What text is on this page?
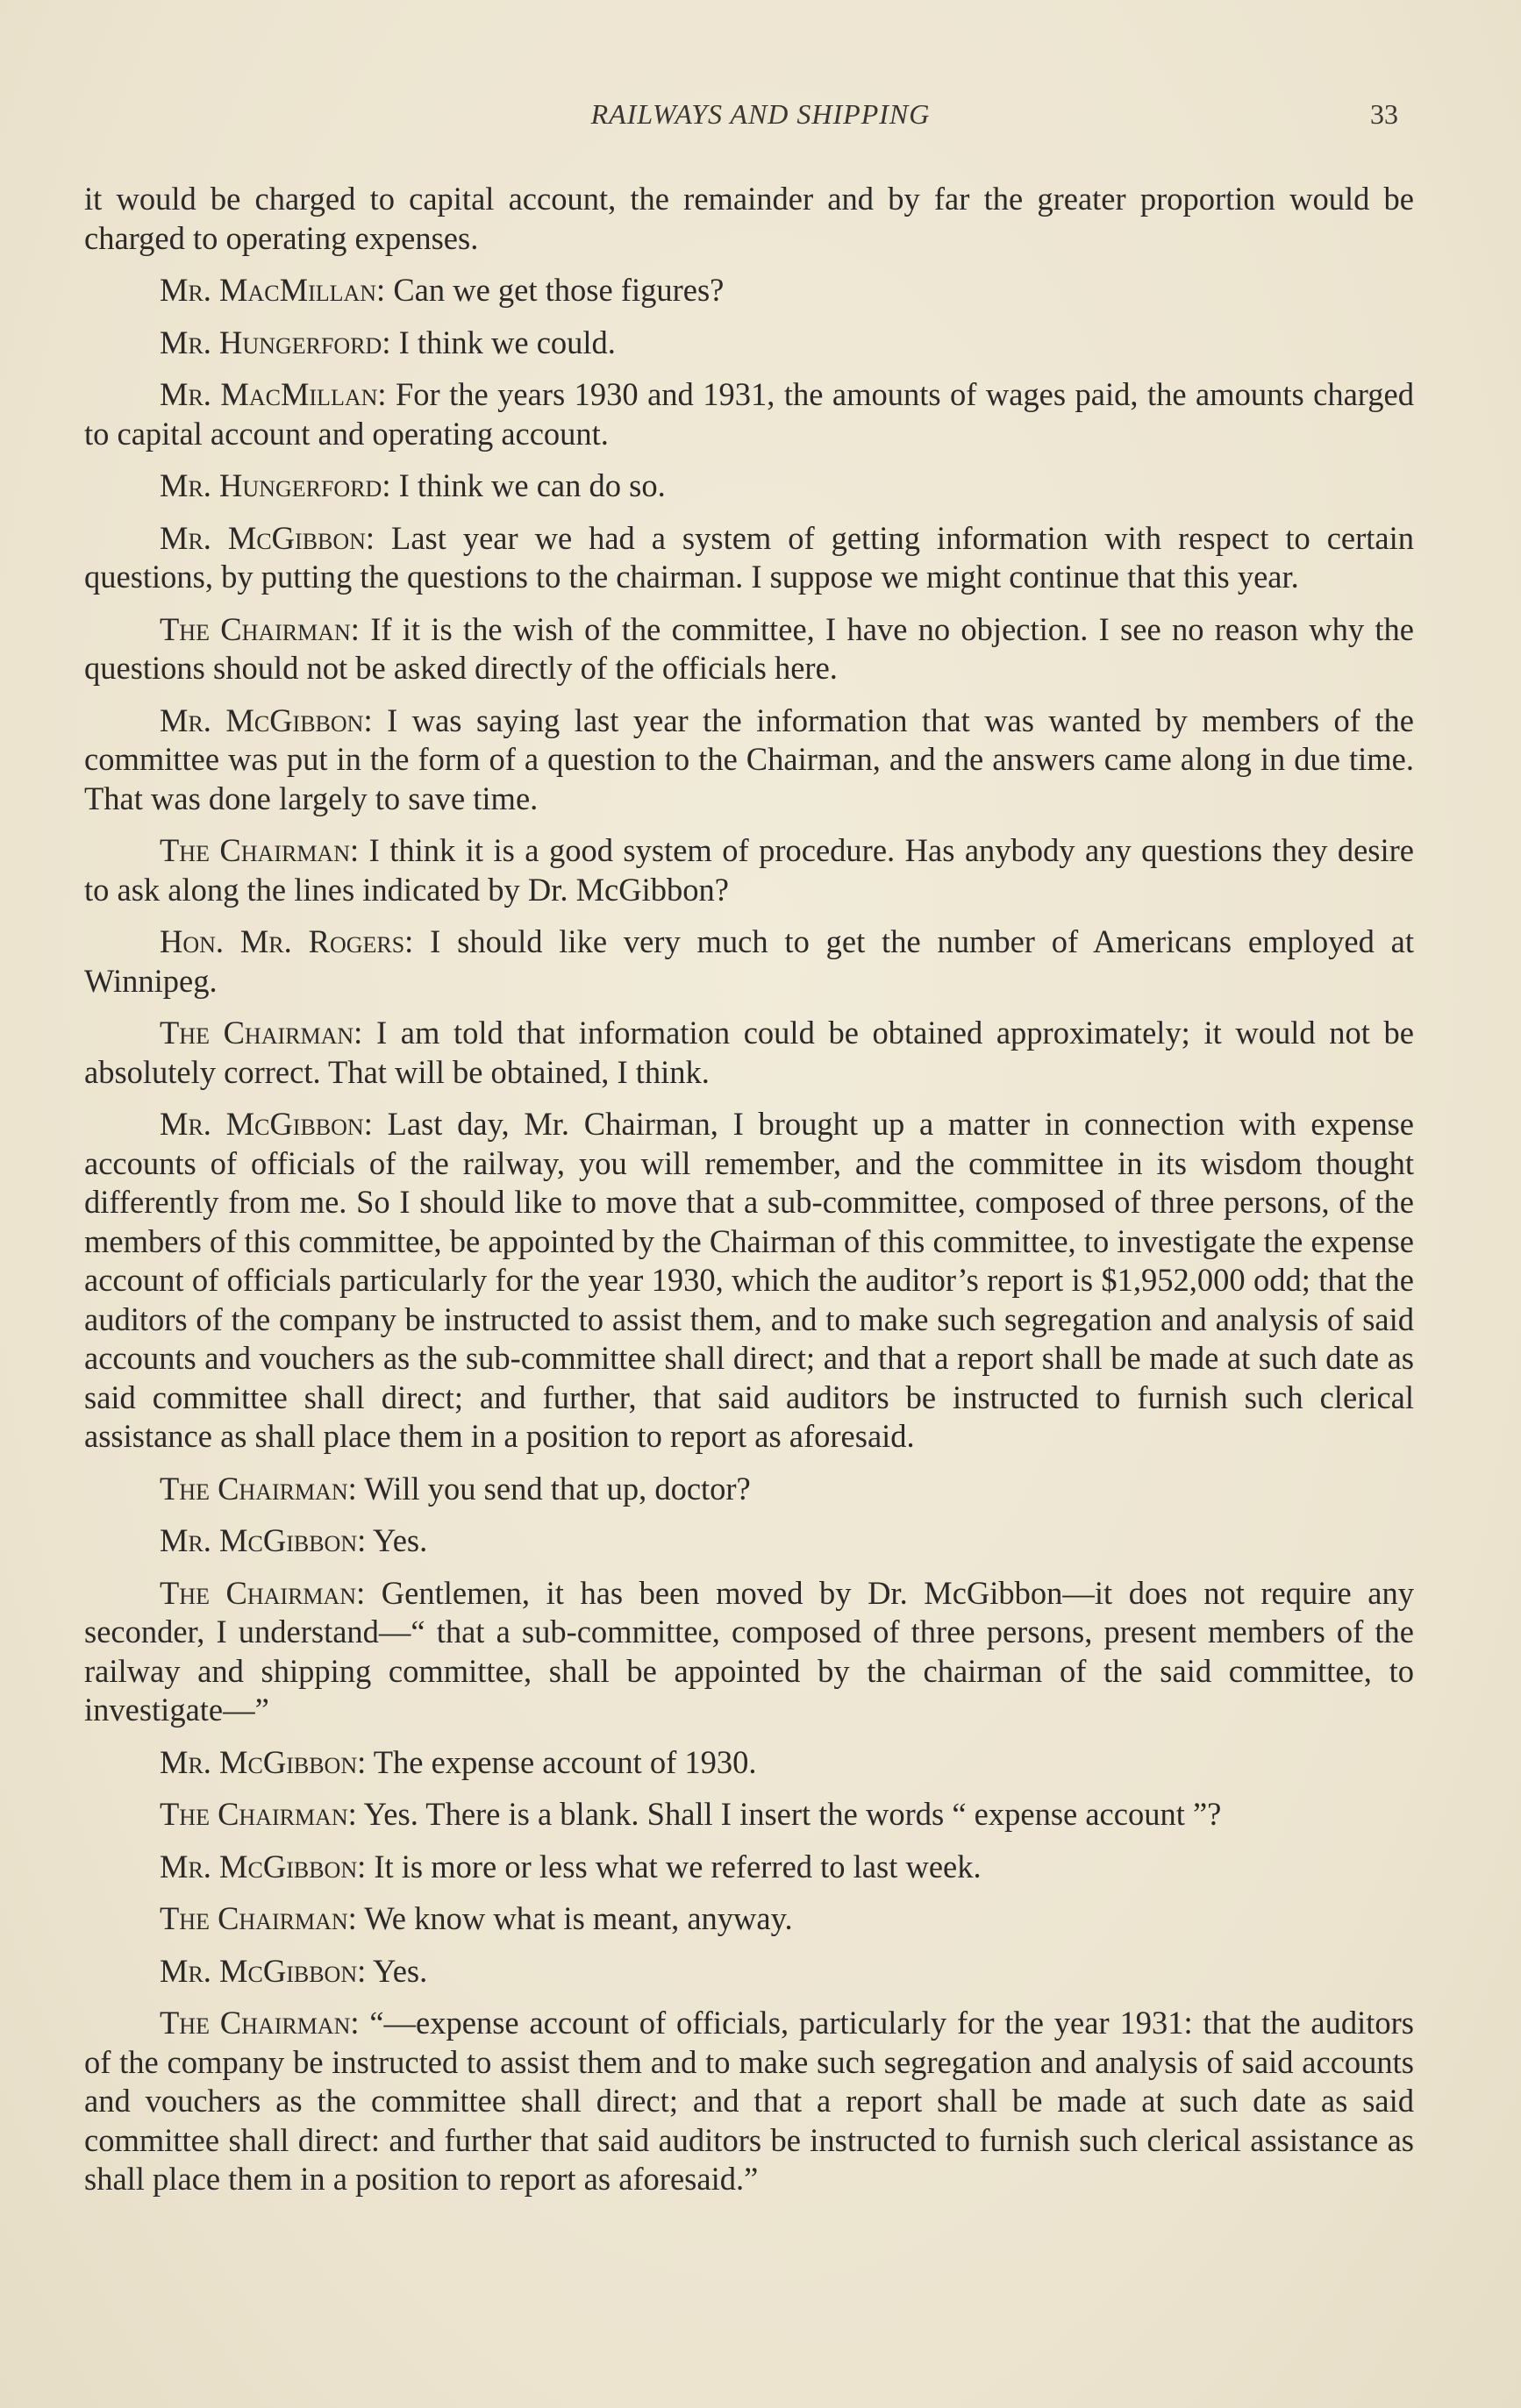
RAILWAYS AND SHIPPING	33

it would be charged to capital account, the remainder and by far the greater proportion would be charged to operating expenses.

Mr. MacMillan: Can we get those figures?

Mr. Hungerford: I think we could.

Mr. MacMillan: For the years 1930 and 1931, the amounts of wages paid, the amounts charged to capital account and operating account.

Mr. Hungerford: I think we can do so.

Mr. McGibbon: Last year we had a system of getting information with respect to certain questions, by putting the questions to the chairman. I suppose we might continue that this year.

The Chairman: If it is the wish of the committee, I have no objection. I see no reason why the questions should not be asked directly of the officials here.

Mr. McGibbon: I was saying last year the information that was wanted by members of the committee was put in the form of a question to the Chairman, and the answers came along in due time. That was done largely to save time.

The Chairman: I think it is a good system of procedure. Has anybody any questions they desire to ask along the lines indicated by Dr. McGibbon?

Hon. Mr. Rogers: I should like very much to get the number of Americans employed at Winnipeg.

The Chairman: I am told that information could be obtained approximately; it would not be absolutely correct. That will be obtained, I think.

Mr. McGibbon: Last day, Mr. Chairman, I brought up a matter in connection with expense accounts of officials of the railway, you will remember, and the committee in its wisdom thought differently from me. So I should like to move that a sub-committee, composed of three persons, of the members of this committee, be appointed by the Chairman of this committee, to investigate the expense account of officials particularly for the year 1930, which the auditor’s report is $1,952,000 odd; that the auditors of the company be instructed to assist them, and to make such segregation and analysis of said accounts and vouchers as the sub-committee shall direct; and that a report shall be made at such date as said committee shall direct; and further, that said auditors be instructed to furnish such clerical assistance as shall place them in a position to report as aforesaid.

The Chairman: Will you send that up, doctor?

Mr. McGibbon: Yes.

The Chairman: Gentlemen, it has been moved by Dr. McGibbon—it does not require any seconder, I understand—“ that a sub-committee, composed of three persons, present members of the railway and shipping committee, shall be appointed by the chairman of the said committee, to investigate—”

Mr. McGibbon: The expense account of 1930.

The Chairman: Yes. There is a blank. Shall I insert the words “ expense account ”?

Mr. McGibbon: It is more or less what we referred to last week.

The Chairman: We know what is meant, anyway.

Mr. McGibbon: Yes.

The Chairman: “—expense account of officials, particularly for the year 1931: that the auditors of the company be instructed to assist them and to make such segregation and analysis of said accounts and vouchers as the committee shall direct; and that a report shall be made at such date as said committee shall direct: and further that said auditors be instructed to furnish such clerical assistance as shall place them in a position to report as aforesaid.”
